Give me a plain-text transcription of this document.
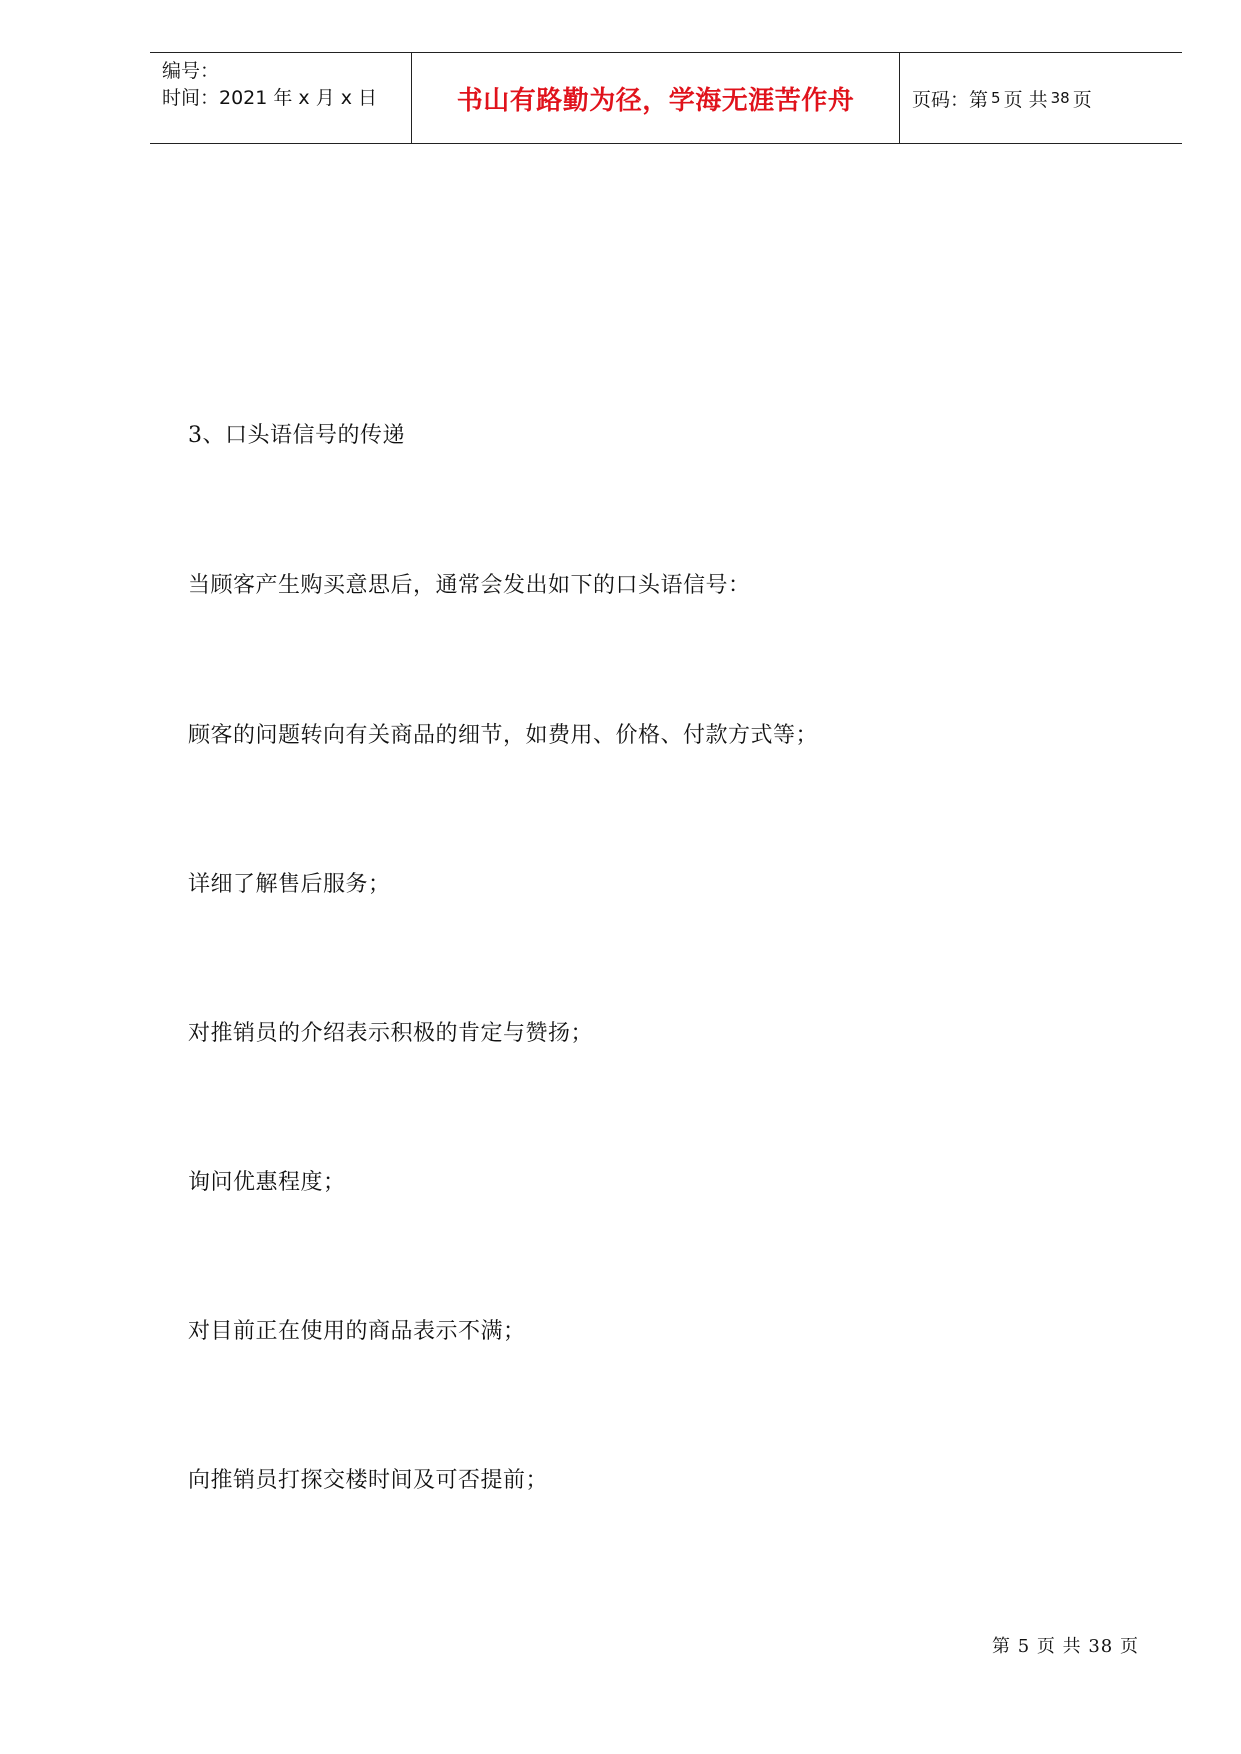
编号：
时间：2021 年 x 月 x 日	书山有路勤为径，学海无涯苦作舟	页码：第 5 页 共 38 页
3、口头语信号的传递
当顾客产生购买意思后，通常会发出如下的口头语信号：
顾客的问题转向有关商品的细节，如费用、价格、付款方式等；
详细了解售后服务；
对推销员的介绍表示积极的肯定与赞扬；
询问优惠程度；
对目前正在使用的商品表示不满；
向推销员打探交楼时间及可否提前；
第 5 页 共 38 页
